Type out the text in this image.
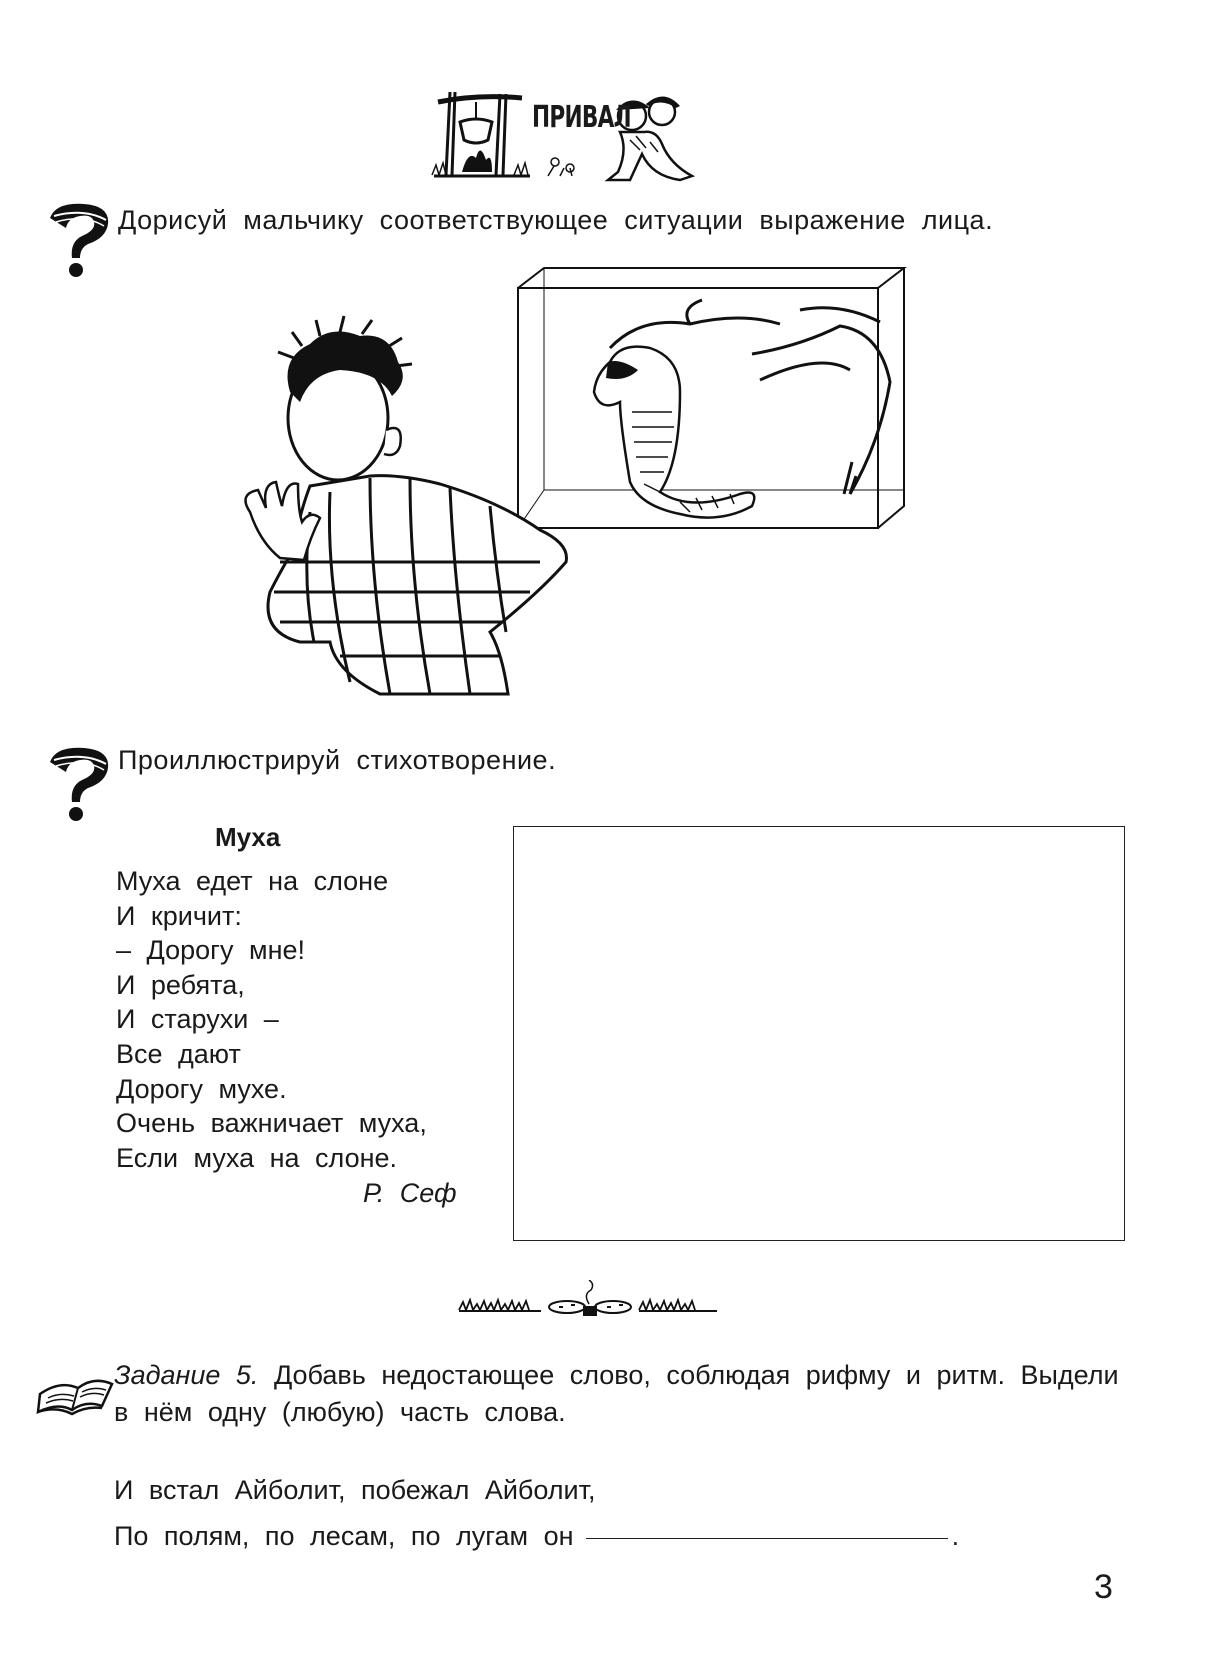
ПРИВАЛ
Дорисуй мальчику соответствующее ситуации выражение лица.
Проиллюстрируй стихотворение.
Муха
Муха едет на слоне
И кричит:
– Дорогу мне!
И ребята,
И старухи –
Все дают
Дорогу мухе.
Очень важничает муха,
Если муха на слоне.
Р. Сеф
Задание 5. Добавь недостающее слово, соблюдая рифму и ритм. Выдели в нём одну (любую) часть слова.
И встал Айболит, побежал Айболит,
По полям, по лесам, по лугам он	.
3
